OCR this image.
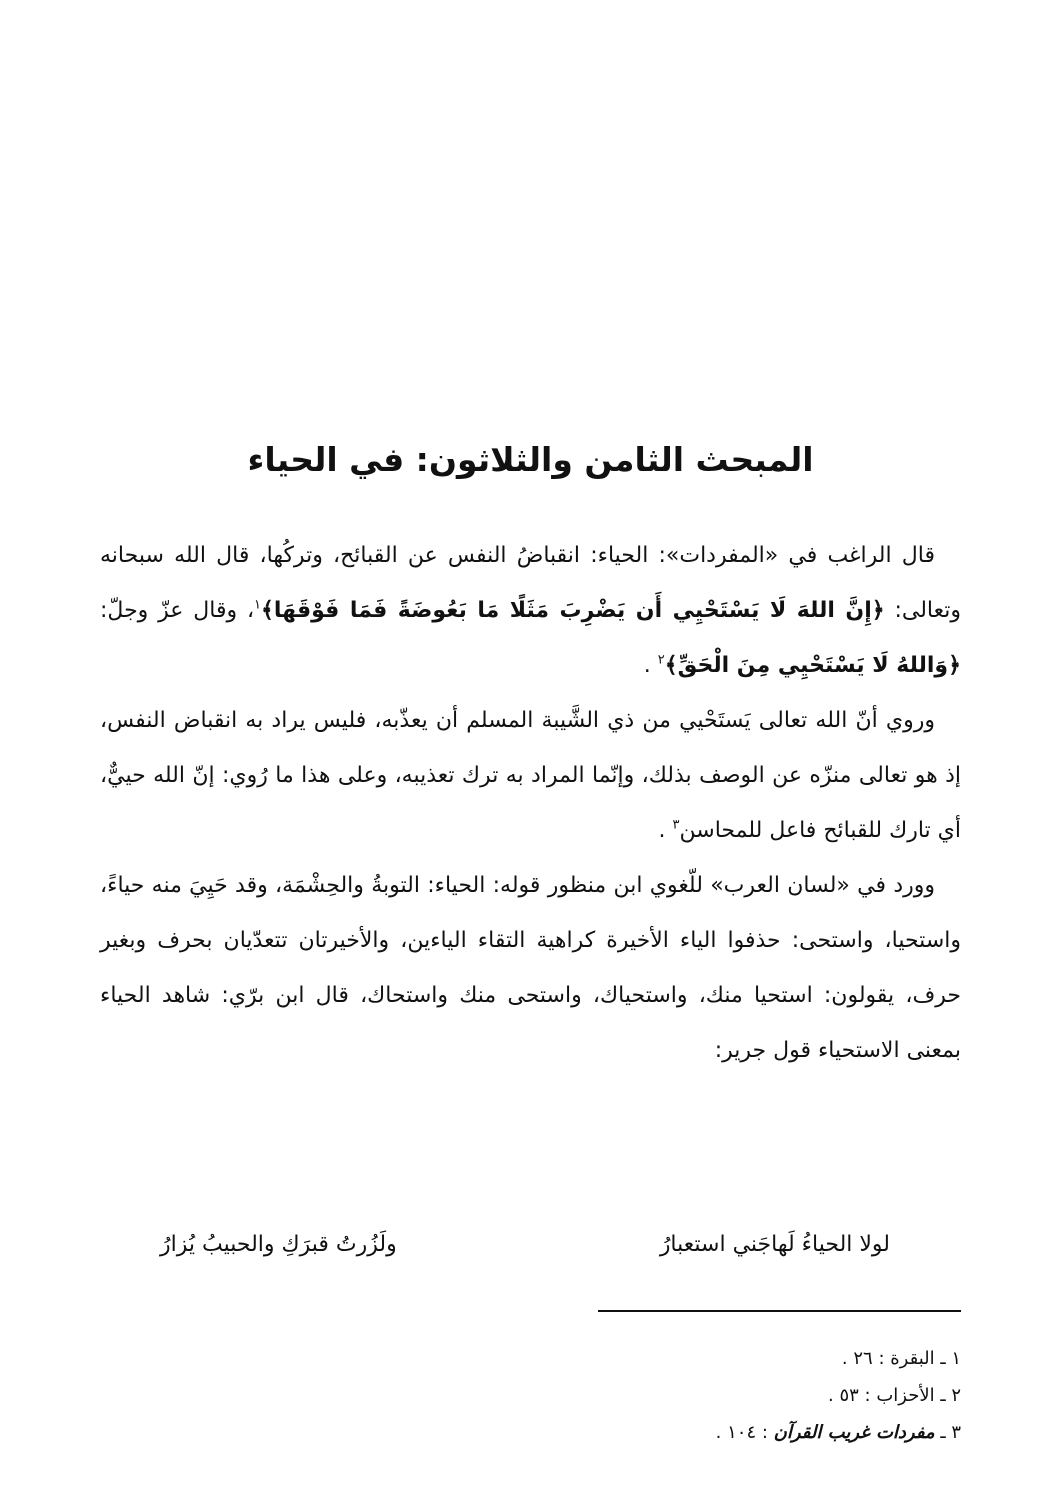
المبحث الثامن والثلاثون: في الحياء

قال الراغب في «المفردات»: الحياء: انقباضُ النفس عن القبائح، وتركُها، قال الله سبحانه وتعالى: ﴿إِنَّ اللهَ لَا يَسْتَحْيِي أَن يَضْرِبَ مَثَلًا مَا بَعُوضَةً فَمَا فَوْقَهَا﴾$^١$، وقال عزّ وجلّ: ﴿وَاللهُ لَا يَسْتَحْيِي مِنَ الْحَقِّ﴾$^٢$ .

وروي أنّ الله تعالى يَستَحْيي من ذي الشَّيبة المسلم أن يعذّبه، فليس يراد به انقباض النفس، إذ هو تعالى منزّه عن الوصف بذلك، وإنّما المراد به ترك تعذيبه، وعلى هذا ما رُوي: إنّ الله حييٌّ، أي تارك للقبائح فاعل للمحاسن$^٣$ .

وورد في «لسان العرب» للّغوي ابن منظور قوله: الحياء: التوبةُ والحِشْمَة، وقد حَيِيَ منه حياءً، واستحيا، واستحى: حذفوا الياء الأخيرة كراهية التقاء الياءين، والأخيرتان تتعدّيان بحرف وبغير حرف، يقولون: استحيا منك، واستحياك، واستحى منك واستحاك، قال ابن برّي: شاهد الحياء بمعنى الاستحياء قول جرير:

لولا الحياءُ لَهاجَني استعبارُ
ولَزُرتُ قبرَكِ والحبيبُ يُزارُ

١ ـ البقرة : ٢٦ .

٢ ـ الأحزاب : ٥٣ .

٣ ـ مفردات غريب القرآن : ١٠٤ .
